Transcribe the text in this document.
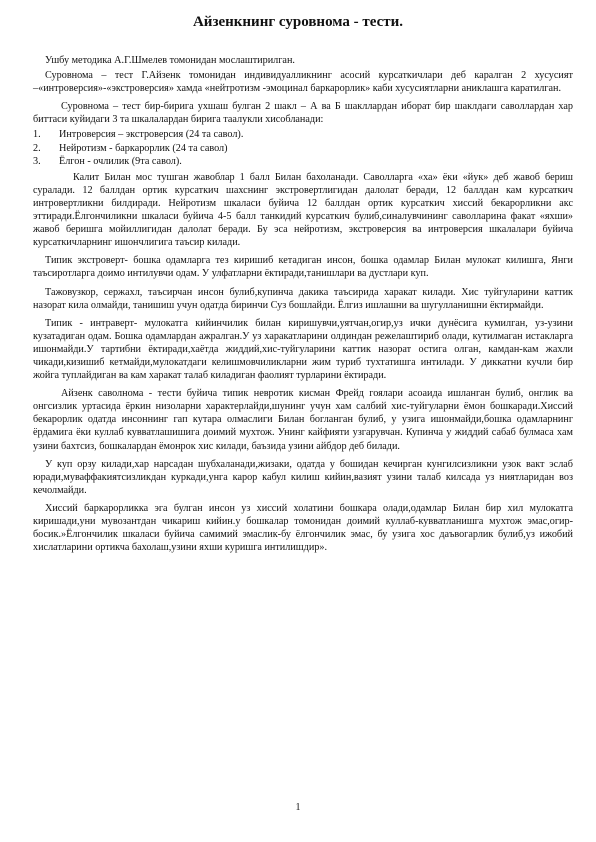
Айзенкнинг суровнома - тести.

Ушбу методика А.Г.Шмелев томонидан мослаштирилган.

Суровнома – тест Г.Айзенк томонидан индивидуалликнинг асосий курсаткичлари деб каралган 2 хусусият –«интроверсия»-«экстроверсия» хамда «нейтротизм -эмоцинал баркарорлик» каби хусусиятларни аниклашга каратилган.

Суровнома – тест бир-бирига ухшаш булган 2 шакл – А ва Б шакллардан иборат бир шаклдаги саволлардан хар биттаси куйидаги 3 та шкалалардан бирига таалукли хисобланади:

1.	Интроверсия – экстроверсия (24 та савол).
2.	Нейротизм - баркарорлик (24 та савол)
3.	Ёлгон - очлилик (9та савол).

Калит Билан мос тушган жавоблар 1 балл Билан бахоланади. Саволларга «ха» ёки «йук» деб жавоб бериш суралади. 12 баллдан ортик курсаткич шахснинг экстровертлигидан далолат беради, 12 баллдан кам курсаткич интровертликни билдиради. Нейротизм шкаласи буйича 12 баллдан ортик курсаткич хиссий бекарорликни акс эттиради.Ёлгончиликни шкаласи буйича 4-5 балл танкидий курсаткич булиб,синалувчининг саволларина факат «яхши» жавоб беришга мойиллигидан далолат беради. Бу эса нейротизм, экстроверсия ва интроверсия шкалалари буйича курсаткичларнинг ишончлигига таъсир килади.

Типик экстроверт- бошка одамларга тез киришиб кетадиган инсон, бошка одамлар Билан мулокат килишга, Янги таъсиротларга доимо интилувчи одам. У улфатларни ёктиради,танишлари ва дустлари куп.

Тажовузкор, сержахл, таъсирчан инсон булиб,купинча дакика таъсирида харакат килади. Хис туйгуларини каттик назорат кила олмайди, танишиш учун одатда биринчи Суз бошлайди. Ёлгиз ишлашни ва шугулланишни ёктирмайди.

Типик - интраверт- мулокатга кийинчилик билан киришувчи,уятчан,огир,уз ички дунёсига кумилган, уз-узини кузатадиган одам. Бошка одамлардан ажралган.У уз харакатларини олдиндан режелаштириб олади, кутилмаган истакларга ишонмайди.У тартибни ёктиради,хаётда жиддий,хис-туйгуларини каттик назорат остига олган, камдан-кам жахли чикади,кизишиб кетмайди,мулокатдаги келишмовчиликларни жим туриб тухтатишга интилади. У диккатни кучли бир жойга туплайдиган ва кам харакат талаб киладиган фаолият турларини ёктиради.

Айзенк саволнома - тести буйича типик невротик кисман Фрейд гоялари асоаида ишланган булиб, онглик ва онгсизлик уртасида ёркин низоларни характерлайди,шунинг учун хам салбий хис-туйгуларни ёмон бошкаради.Хиссий бекарорлик одатда инсоннинг гап кутара олмаслиги Билан богланган булиб, у узига ишонмайди,бошка одамларнинг ёрдамига ёки куллаб кувватлашишига доимий мухтож. Унинг кайфияти узгарувчан. Купинча у жиддий сабаб булмаса хам узини бахтсиз, бошкалардан ёмонрок хис килади, баъзида узини айбдор деб билади.

У куп орзу килади,хар нарсадан шубхаланади,жизаки, одатда у бошидан кечирган кунгилсизликни узок вакт эслаб юради,муваффакиятсизликдан куркади,унга карор кабул килиш кийин,вазият узини талаб килсада уз ниятларидан воз кечолмайди.

Хиссий баркарорликка эга булган инсон уз хиссий холатини бошкара олади,одамлар Билан бир хил мулокатга киришади,уни мувозантдан чикариш кийин.у бошкалар томонидан доимий куллаб-кувватланишга мухтож эмас,огир-босик.»Ёлгончилик шкаласи буйича самимий эмаслик-бу ёлгончилик эмас, бу узига хос даъвогарлик булиб,уз ижобий хислатларини ортикча бахолаш,узини яхши куришга интилишдир».

1
